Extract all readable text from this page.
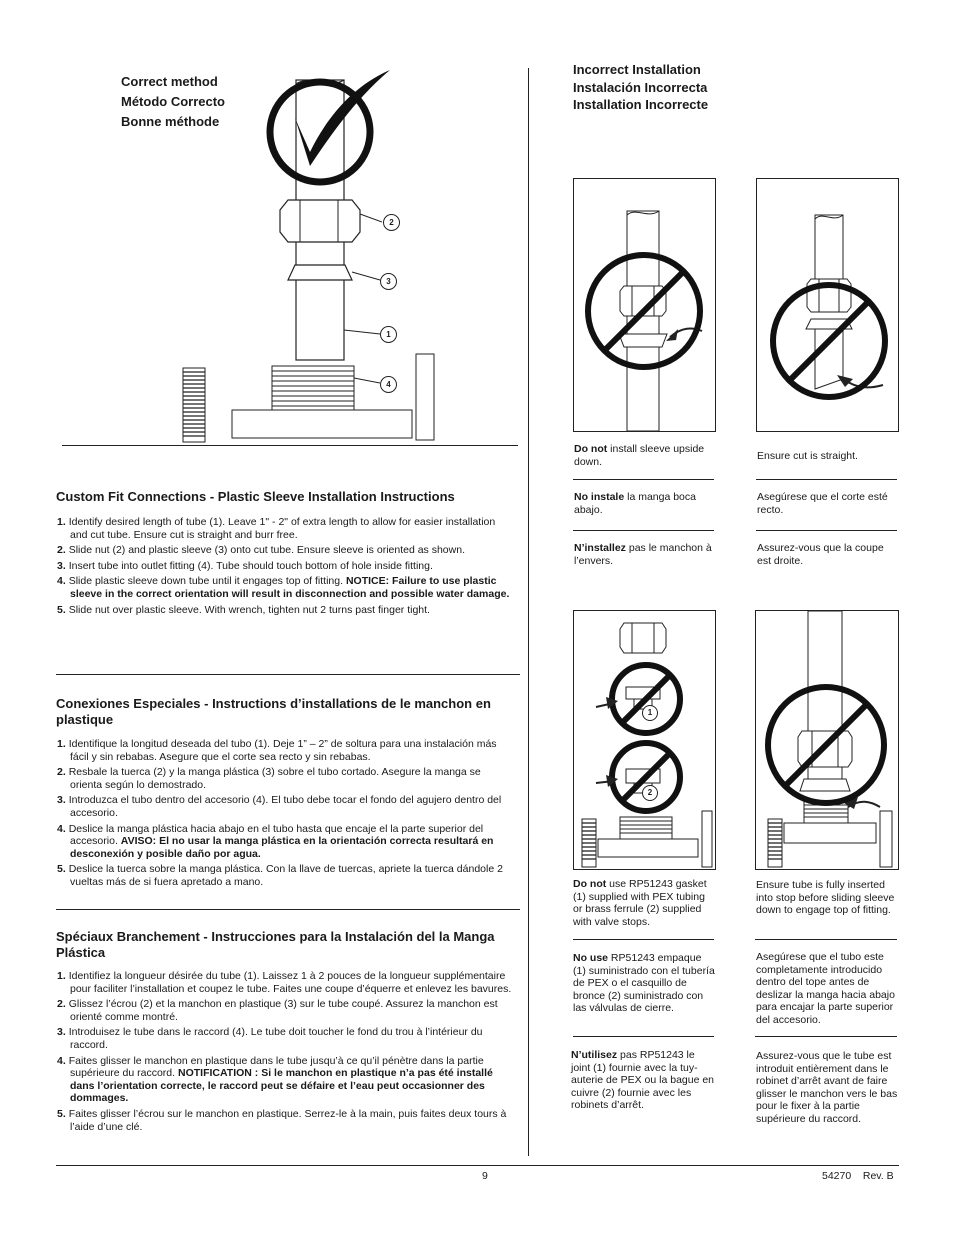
Correct method
Método Correcto
Bonne méthode
2
3
1
4
Custom Fit Connections - Plastic Sleeve Installation Instructions

1. Identify desired length of tube (1). Leave 1" - 2" of extra length to allow for easier installation and cut tube. Ensure cut is straight and burr free.

2. Slide nut (2) and plastic sleeve (3) onto cut tube. Ensure sleeve is oriented as shown.

3. Insert tube into outlet fitting (4). Tube should touch bottom of hole inside fitting.

4. Slide plastic sleeve down tube until it engages top of fitting. NOTICE: Failure to use plastic sleeve in the correct orientation will result in disconnection and possible water damage.

5. Slide nut over plastic sleeve. With wrench, tighten nut 2 turns past finger tight.

Conexiones Especiales - Instructions d’installations de le manchon en plastique

1. Identifique la longitud deseada del tubo (1). Deje 1” – 2” de soltura para una instalación más fácil y sin rebabas. Asegure que el corte sea recto y sin rebabas.

2. Resbale la tuerca (2) y la manga plástica (3) sobre el tubo cortado. Asegure la manga se orienta según lo demostrado.

3. Introduzca el tubo dentro del accesorio (4). El tubo debe tocar el fondo del agujero dentro del accesorio.

4. Deslice la manga plástica hacia abajo en el tubo hasta que encaje el la parte superior del accesorio. AVISO: El no usar la manga plástica en la orientación correcta resultará en desconexión y posible daño por agua.

5. Deslice la tuerca sobre la manga plástica. Con la llave de tuercas, apriete la tuerca dándole 2 vueltas más de si fuera apretado a mano.

Spéciaux Branchement - Instrucciones para la Instalación del la Manga Plástica

1. Identifiez la longueur désirée du tube (1). Laissez 1 à 2 pouces de la longueur supplémentaire pour faciliter l’installation et coupez le tube. Faites une coupe d’équerre et enlevez les bavures.

2. Glissez l’écrou (2) et la manchon en plastique (3) sur le tube coupé. Assurez la manchon est orienté comme montré.

3. Introduisez le tube dans le raccord (4). Le tube doit toucher le fond du trou à l’intérieur du raccord.

4. Faites glisser le manchon en plastique dans le tube jusqu’à ce qu’il pénètre dans la partie supérieure du raccord. NOTIFICATION : Si le manchon en plastique n’a pas été installé dans l’orientation correcte, le raccord peut se défaire et l’eau peut occasionner des dommages.

5. Faites glisser l’écrou sur le manchon en plastique. Serrez-le à la main, puis faites deux tours à l’aide d’une clé.

Incorrect Installation
Instalación Incorrecta
Installation Incorrecte
Do not install sleeve upside down.
No instale la manga boca abajo.
N’installez pas le manchon à l’envers.
Ensure cut is straight.
Asegúrese que el corte esté recto.
Assurez-vous que la coupe est droite.
1
2
Do not use RP51243 gasket (1) supplied with PEX tubing or brass ferrule (2) supplied with valve stops.
No use RP51243 empaque (1) suministrado con el tubería de PEX o el casquillo de bronce (2) suministrado con las válvulas de cierre.
N’utilisez pas RP51243 le joint (1) fournie avec la tuy-auterie de PEX ou la bague en cuivre (2) fournie avec les robinets d’arrêt.
Ensure tube is fully inserted into stop before sliding sleeve down to engage top of fitting.
Asegúrese que el tubo este completamente introducido dentro del tope antes de deslizar la manga hacia abajo para encajar la parte superior del accesorio.
Assurez-vous que le tube est introduit entièrement dans le robinet d’arrêt avant de faire glisser le manchon vers le bas pour le fixer à la partie supérieure du raccord.
9	54270 Rev. B
